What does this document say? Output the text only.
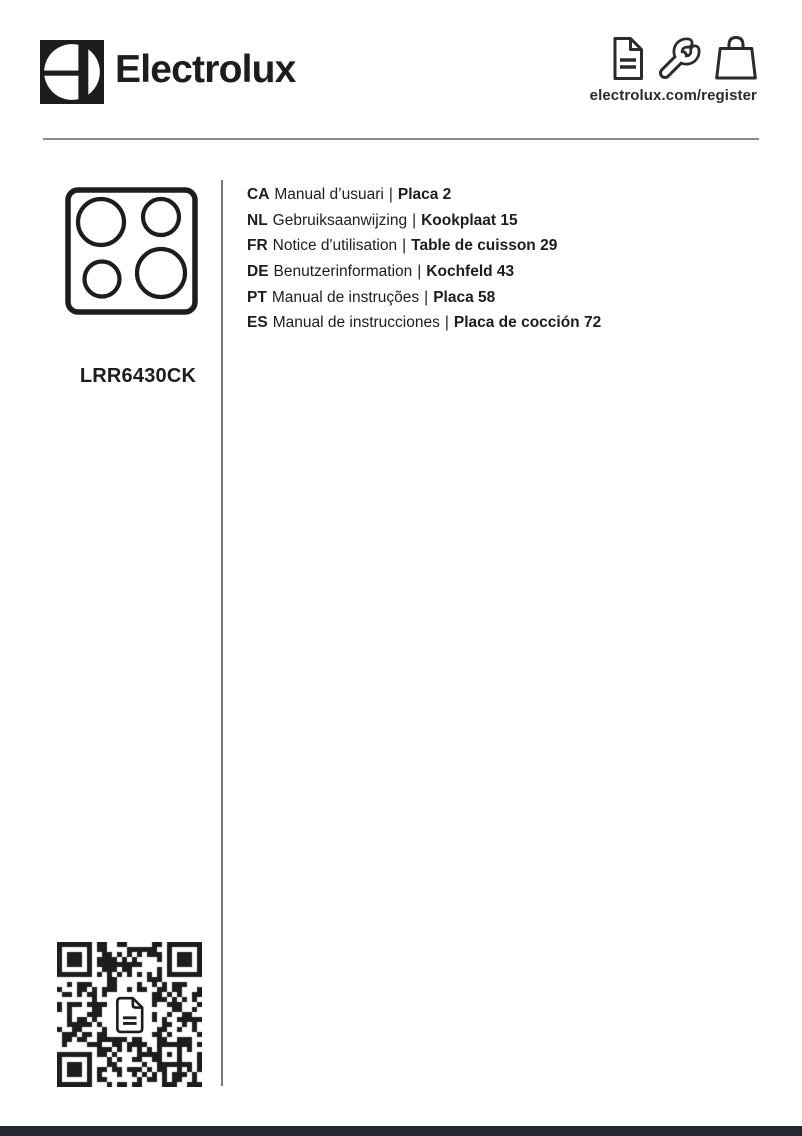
Electrolux
electrolux.com/register
LRR6430CK
CA Manual d’usuari | Placa 2
NL Gebruiksaanwijzing | Kookplaat 15
FR Notice d'utilisation | Table de cuisson 29
DE Benutzerinformation | Kochfeld 43
PT Manual de instruções | Placa 58
ES Manual de instrucciones | Placa de cocción 72
